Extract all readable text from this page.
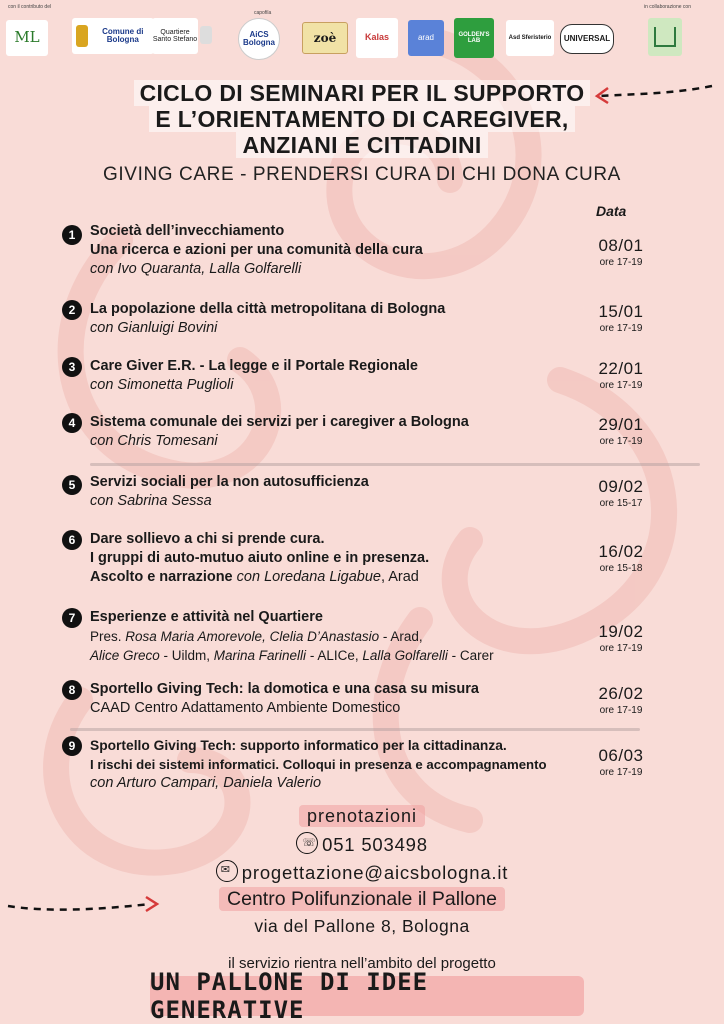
con il contributo del
ML	Comune di Bologna
Quartiere Santo Stefano
capofila
AiCS Bologna	zoè	Kalas	arad	GOLDEN'S LAB
Asd Sferisterio	UNIVERSAL
in collaborazione con
CICLO DI SEMINARI PER IL SUPPORTO
E L’ORIENTAMENTO DI CAREGIVER,
ANZIANI E CITTADINI
GIVING CARE - PRENDERSI CURA DI CHI DONA CURA
Data
1	Società dell’invecchiamento
Una ricerca e azioni per una comunità della cura
con Ivo Quaranta, Lalla Golfarelli
08/01
ore 17-19
2	La popolazione della città metropolitana di Bologna
con Gianluigi Bovini
15/01
ore 17-19
3	Care Giver E.R. - La legge e il Portale Regionale
con Simonetta Puglioli
22/01
ore 17-19
4	Sistema comunale dei servizi per i caregiver a Bologna
con Chris Tomesani
29/01
ore 17-19
5	Servizi sociali per la non autosufficienza
con Sabrina Sessa
09/02
ore 15-17
6	Dare sollievo a chi si prende cura.
I gruppi di auto-mutuo aiuto online e in presenza.
Ascolto e narrazione con Loredana Ligabue, Arad
16/02
ore 15-18
7	Esperienze e attività nel Quartiere
Pres. Rosa Maria Amorevole, Clelia D’Anastasio - Arad,
Alice Greco - Uildm, Marina Farinelli - ALICe, Lalla Golfarelli - Carer
19/02
ore 17-19
8	Sportello Giving Tech: la domotica e una casa su misura
CAAD Centro Adattamento Ambiente Domestico
26/02
ore 17-19
9	Sportello Giving Tech: supporto informatico per la cittadinanza.
I rischi dei sistemi informatici. Colloqui in presenza e accompagnamento
con Arturo Campari, Daniela Valerio
06/03
ore 17-19
prenotazioni
☏ 051 503498
✉ progettazione@aicsbologna.it
Centro Polifunzionale il Pallone
via del Pallone 8, Bologna
il servizio rientra nell’ambito del progetto
UN PALLONE DI IDEE GENERATIVE
